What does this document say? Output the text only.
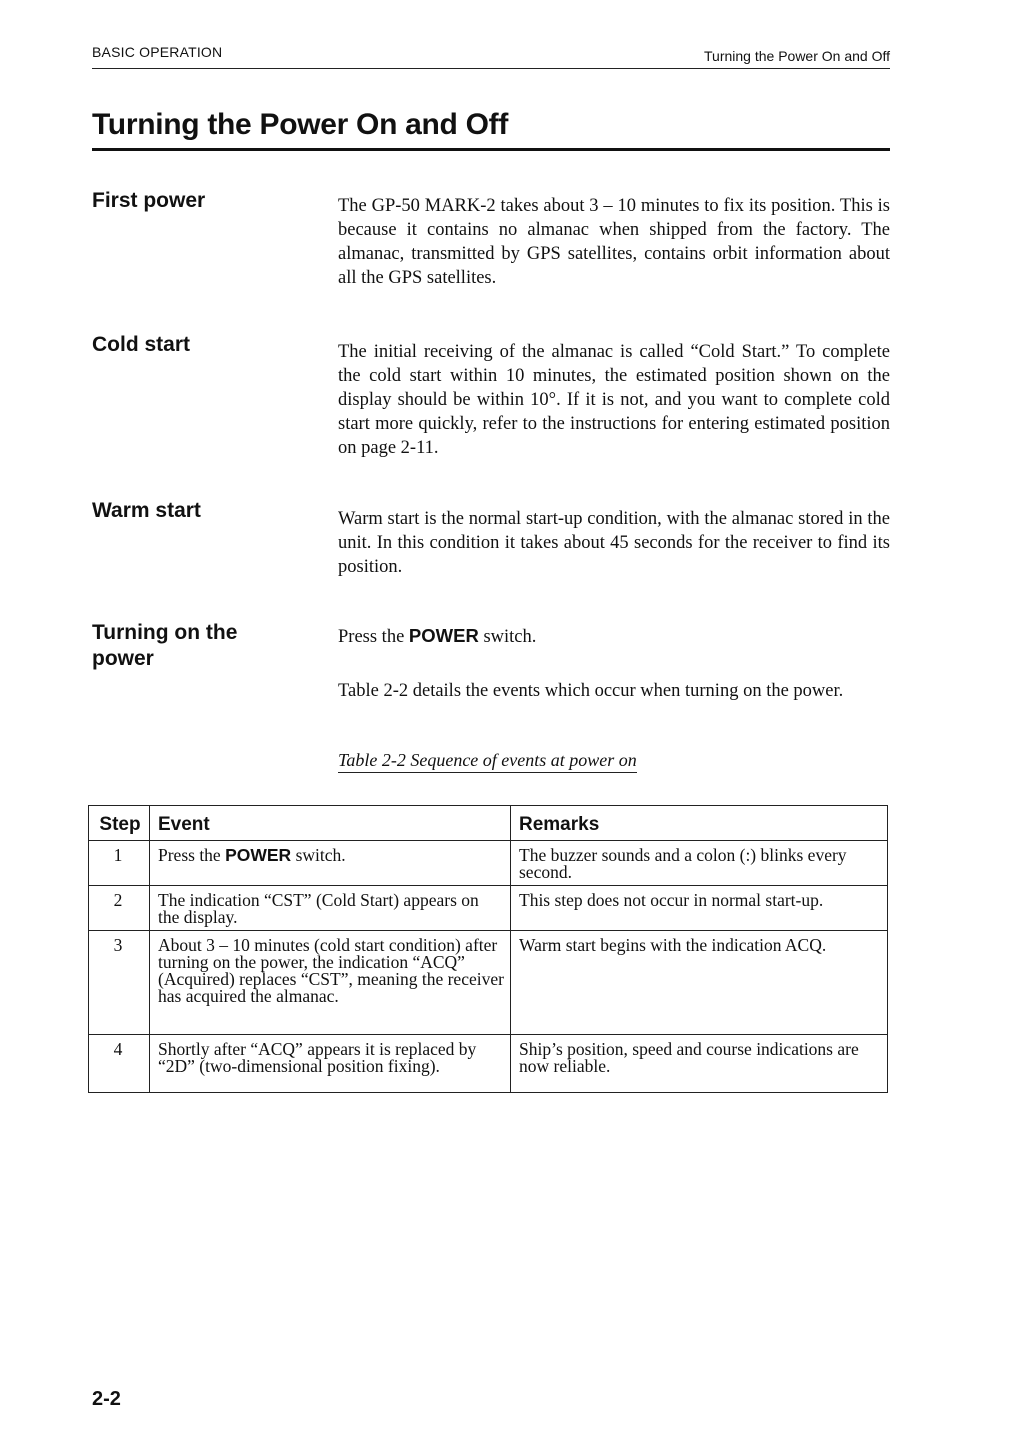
BASIC OPERATION	Turning the Power On and Off
Turning the Power On and Off
First power	The GP-50 MARK-2 takes about 3 – 10 minutes to fix its position. This is because it contains no almanac when shipped from the factory. The almanac, transmitted by GPS satellites, contains orbit information about all the GPS satellites.
Cold start	The initial receiving of the almanac is called “Cold Start.” To complete the cold start within 10 minutes, the estimated position shown on the display should be within 10°. If it is not, and you want to complete cold start more quickly, refer to the instructions for entering estimated position on page 2-11.
Warm start	Warm start is the normal start-up condition, with the almanac stored in the unit. In this condition it takes about 45 seconds for the receiver to find its position.
Turning on the power
Press the POWER switch.
Table 2-2 details the events which occur when turning on the power.
Table 2-2 Sequence of events at power on
Step	Event	Remarks
1	Press the POWER switch.	The buzzer sounds and a colon (:) blinks every second.
2	The indication “CST” (Cold Start) appears on the display.	This step does not occur in normal start-up.
3	About 3 – 10 minutes (cold start condition) after turning on the power, the indication “ACQ” (Acquired) replaces “CST”, meaning the receiver has acquired the almanac.	Warm start begins with the indication ACQ.
4	Shortly after “ACQ” appears it is replaced by “2D” (two-dimensional position fixing).	Ship’s position, speed and course indications are now reliable.
2-2
